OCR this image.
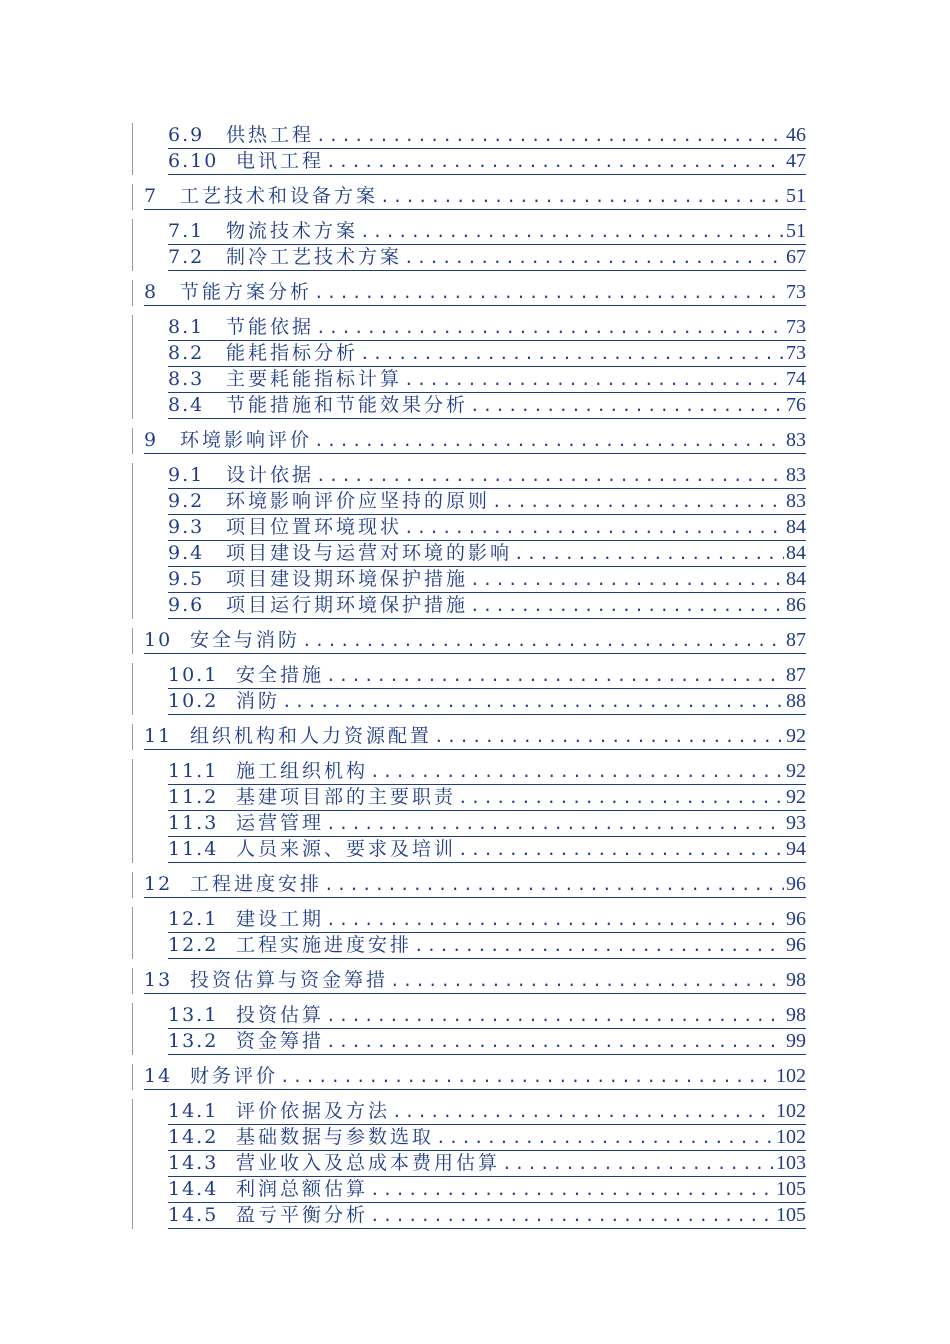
6.9	供热工程 .....	46
6.10 电讯工程 .....	47
7	工艺技术和设备方案 .....	51
7.1	物流技术方案 .....	51
7.2	制冷工艺技术方案 .....	67
8	节能方案分析 .....	73
8.1	节能依据 .....	73
8.2	能耗指标分析 .....	73
8.3	主要耗能指标计算 .....	74
8.4	节能措施和节能效果分析 .....	76
9	环境影响评价 .....	83
9.1	设计依据 .....	83
9.2	环境影响评价应坚持的原则 .....	83
9.3	项目位置环境现状 .....	84
9.4	项目建设与运营对环境的影响 .....	84
9.5	项目建设期环境保护措施 .....	84
9.6	项目运行期环境保护措施 .....	86
10 安全与消防 .....	87
10.1 安全措施 .....	87
10.2 消防 .....	88
11 组织机构和人力资源配置 .....	92
11.1 施工组织机构 .....	92
11.2 基建项目部的主要职责 .....	92
11.3 运营管理 .....	93
11.4 人员来源、要求及培训 .....	94
12 工程进度安排 .....	96
12.1 建设工期 .....	96
12.2 工程实施进度安排 .....	96
13 投资估算与资金筹措 .....	98
13.1 投资估算 .....	98
13.2 资金筹措 .....	99
14 财务评价 .....	102
14.1 评价依据及方法 .....	102
14.2 基础数据与参数选取 .....	102
14.3 营业收入及总成本费用估算 .....	103
14.4 利润总额估算 .....	105
14.5 盈亏平衡分析 .....	105
